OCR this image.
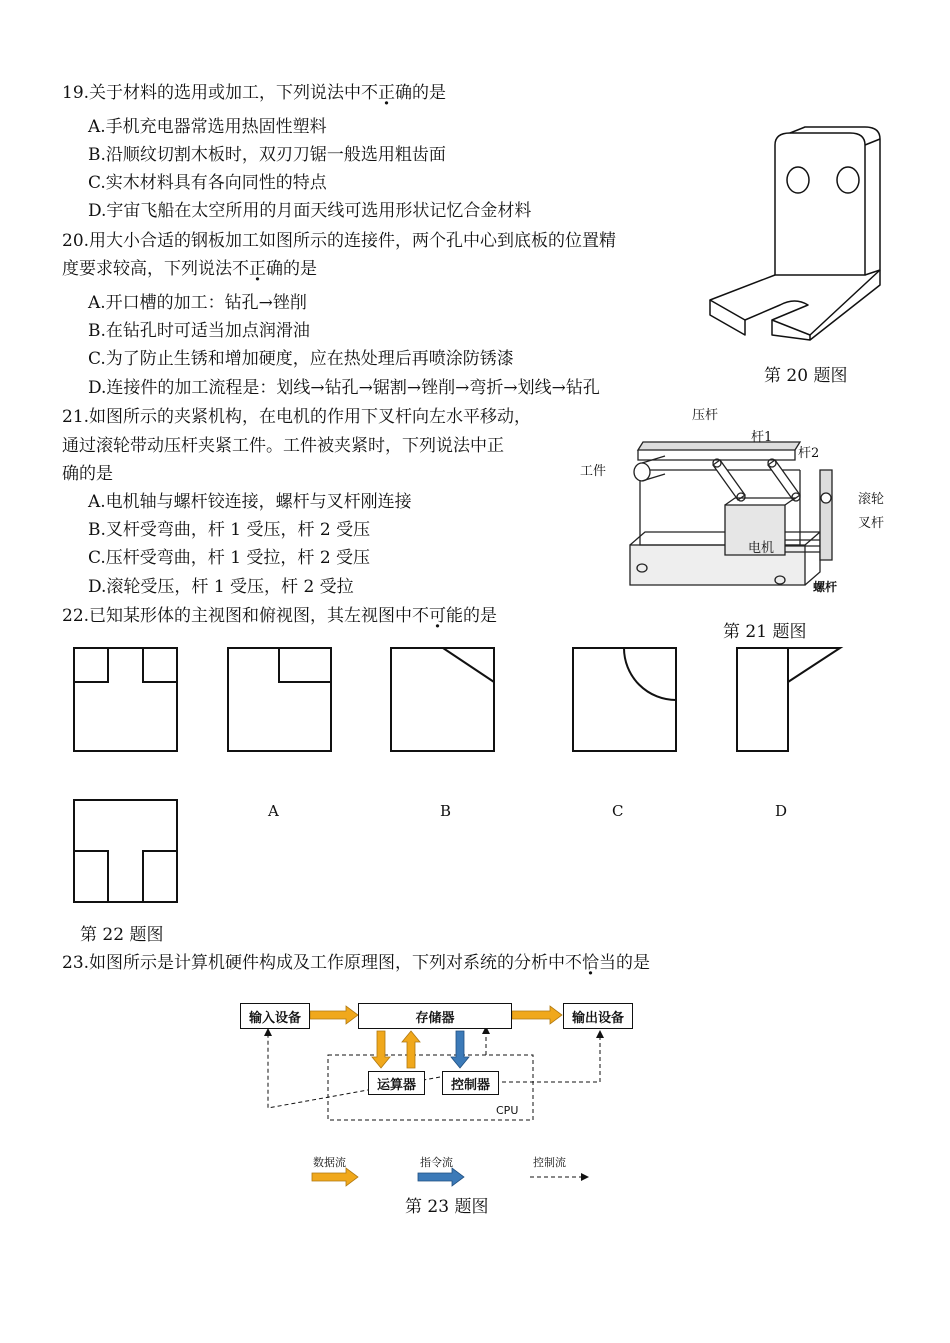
19.关于材料的选用或加工，下列说法中不正确的是
A.手机充电器常选用热固性塑料
B.沿顺纹切割木板时，双刃刀锯一般选用粗齿面
C.实木材料具有各向同性的特点
D.宇宙飞船在太空所用的月面天线可选用形状记忆合金材料
20.用大小合适的钢板加工如图所示的连接件，两个孔中心到底板的位置精
度要求较高，下列说法不正确的是
A.开口槽的加工：钻孔→锉削
B.在钻孔时可适当加点润滑油
C.为了防止生锈和增加硬度，应在热处理后再喷涂防锈漆
D.连接件的加工流程是：划线→钻孔→锯割→锉削→弯折→划线→钻孔
第 20 题图
21.如图所示的夹紧机构，在电机的作用下叉杆向左水平移动，
通过滚轮带动压杆夹紧工件。工件被夹紧时，下列说法中正
确的是
A.电机轴与螺杆铰连接，螺杆与叉杆刚连接
B.叉杆受弯曲，杆 1 受压，杆 2 受压
C.压杆受弯曲，杆 1 受拉，杆 2 受压
D.滚轮受压，杆 1 受压，杆 2 受拉
压杆
杆1
杆2
工件
滚轮
叉杆
电机
螺杆
第 21 题图
22.已知某形体的主视图和俯视图，其左视图中不可能的是
A	B	C	D
第 22 题图
23.如图所示是计算机硬件构成及工作原理图，下列对系统的分析中不恰当的是
输入设备	存储器	输出设备
运算器	控制器
CPU
数据流	指令流	控制流
第 23 题图
